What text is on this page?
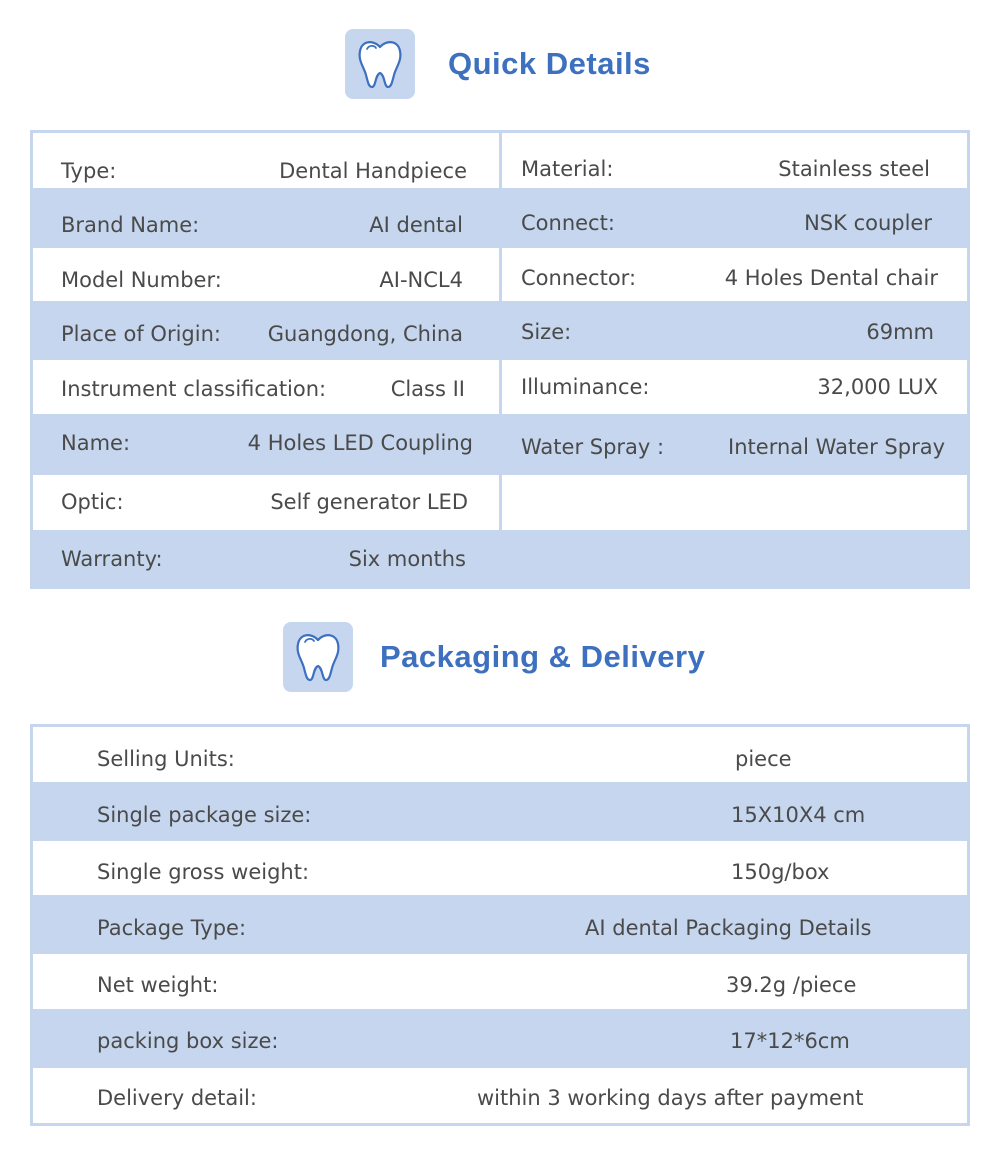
Quick Details
Type:	Dental Handpiece
Brand Name:	AI dental
Model Number:	AI-NCL4
Place of Origin: Guangdong, China
Instrument classification:	Class II
Name:	4 Holes LED Coupling
Optic:	Self generator LED
Warranty:	Six months
Material:	Stainless steel
Connect:	NSK coupler
Connector:	4 Holes Dental chair
Size:	69mm
Illuminance:	32,000 LUX
Water Spray :	Internal Water Spray
Packaging & Delivery
Selling Units:	piece
Single package size:	15X10X4 cm
Single gross weight:	150g/box
Package Type:	AI dental Packaging Details
Net weight:	39.2g /piece
packing box size:	17*12*6cm
Delivery detail:	within 3 working days after payment
